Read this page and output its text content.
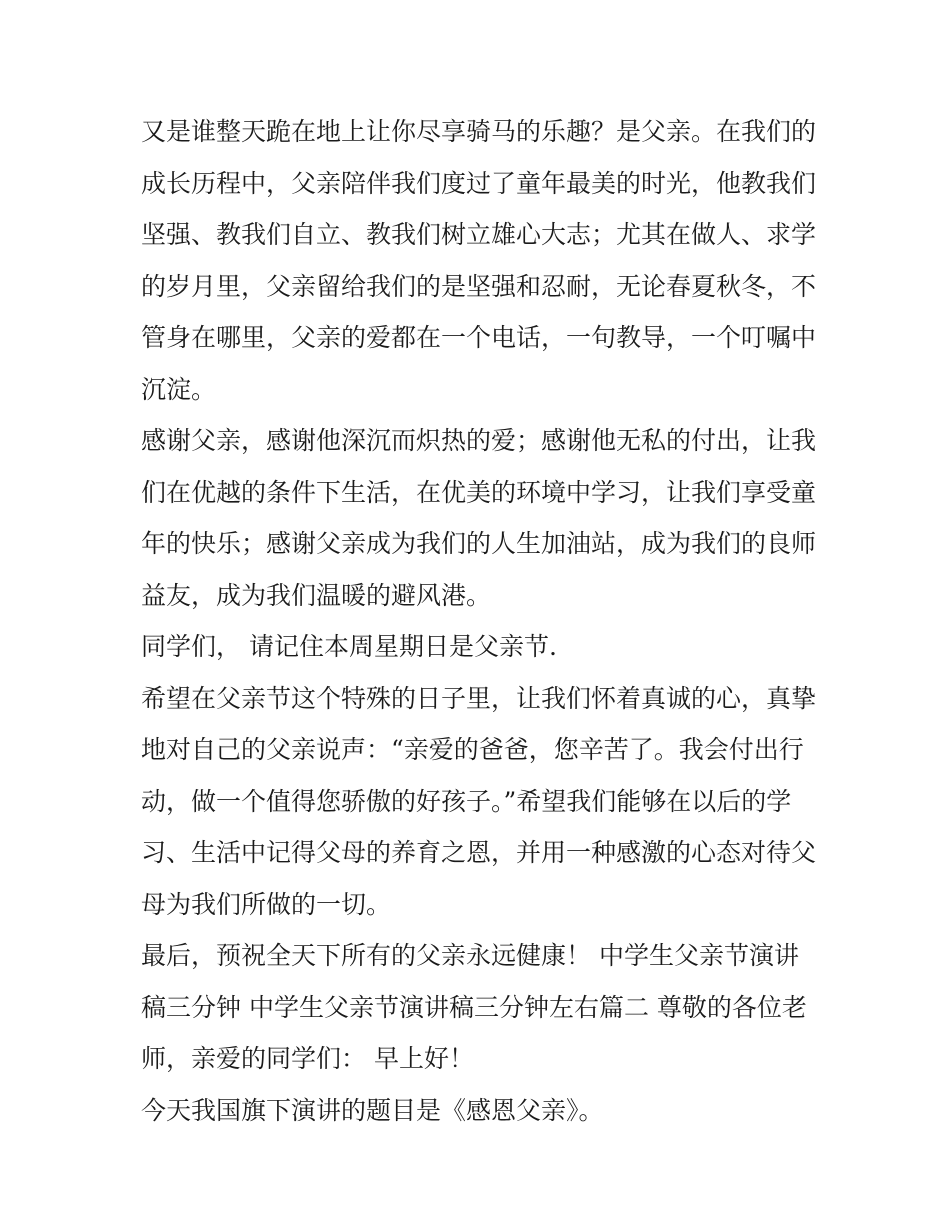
又是谁整天跪在地上让你尽享骑马的乐趣？是父亲。在我们的
成长历程中，父亲陪伴我们度过了童年最美的时光，他教我们
坚强、教我们自立、教我们树立雄心大志；尤其在做人、求学
的岁月里，父亲留给我们的是坚强和忍耐，无论春夏秋冬，不
管身在哪里，父亲的爱都在一个电话，一句教导，一个叮嘱中
沉淀。
感谢父亲，感谢他深沉而炽热的爱；感谢他无私的付出，让我
们在优越的条件下生活，在优美的环境中学习，让我们享受童
年的快乐；感谢父亲成为我们的人生加油站，成为我们的良师
益友，成为我们温暖的避风港。
同学们， 请记住本周星期日是父亲节.
希望在父亲节这个特殊的日子里，让我们怀着真诚的心，真挚
地对自己的父亲说声：“亲爱的爸爸，您辛苦了。我会付出行
动，做一个值得您骄傲的好孩子。”希望我们能够在以后的学
习、生活中记得父母的养育之恩，并用一种感激的心态对待父
母为我们所做的一切。
最后，预祝全天下所有的父亲永远健康！ 中学生父亲节演讲
稿三分钟 中学生父亲节演讲稿三分钟左右篇二 尊敬的各位老
师，亲爱的同学们： 早上好！
今天我国旗下演讲的题目是《感恩父亲》。
